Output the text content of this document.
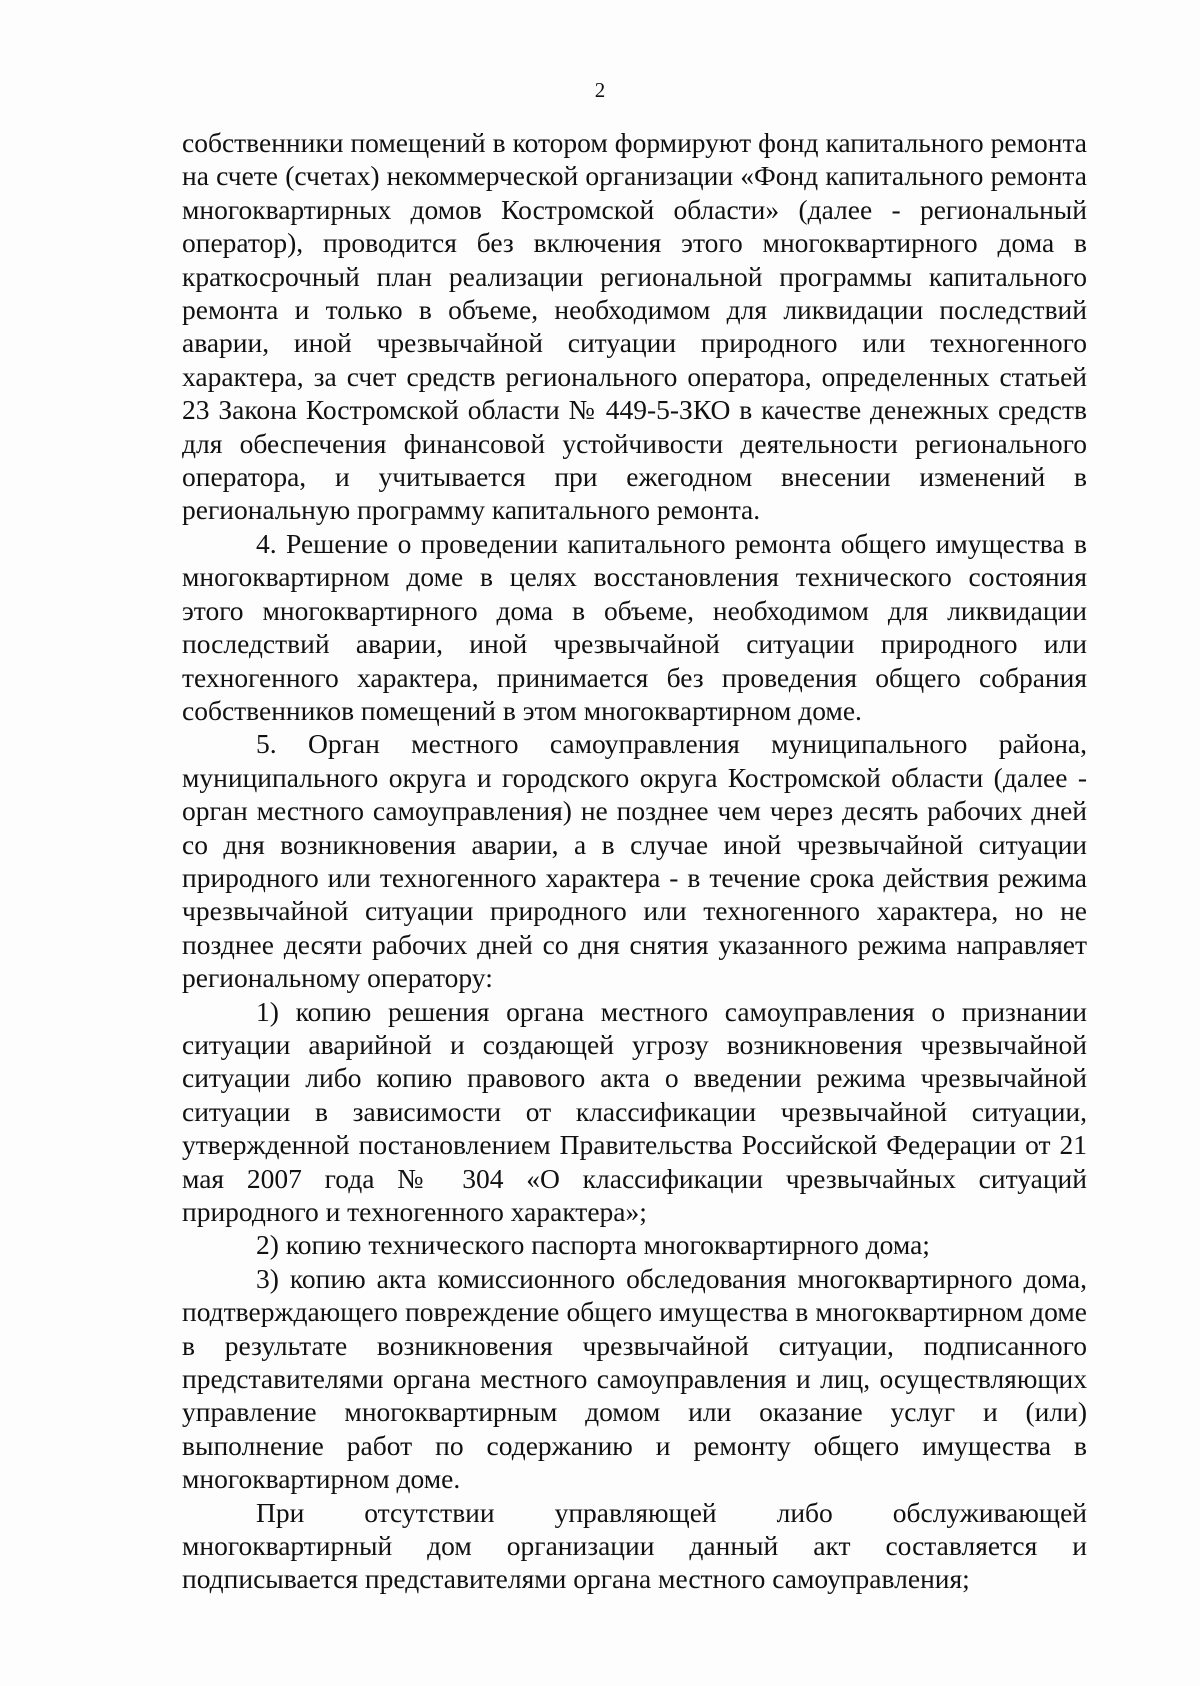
2

собственники помещений в котором формируют фонд капитального ремонта на счете (счетах) некоммерческой организации «Фонд капитального ремонта многоквартирных домов Костромской области» (далее - региональный оператор), проводится без включения этого многоквартирного дома в краткосрочный план реализации региональной программы капитального ремонта и только в объеме, необходимом для ликвидации последствий аварии, иной чрезвычайной ситуации природного или техногенного характера, за счет средств регионального оператора, определенных статьей 23 Закона Костромской области № 449-5-ЗКО в качестве денежных средств для обеспечения финансовой устойчивости деятельности регионального оператора, и учитывается при ежегодном внесении изменений в региональную программу капитального ремонта.

4. Решение о проведении капитального ремонта общего имущества в многоквартирном доме в целях восстановления технического состояния этого многоквартирного дома в объеме, необходимом для ликвидации последствий аварии, иной чрезвычайной ситуации природного или техногенного характера, принимается без проведения общего собрания собственников помещений в этом многоквартирном доме.

5. Орган местного самоуправления муниципального района, муниципального округа и городского округа Костромской области (далее - орган местного самоуправления) не позднее чем через десять рабочих дней со дня возникновения аварии, а в случае иной чрезвычайной ситуации природного или техногенного характера - в течение срока действия режима чрезвычайной ситуации природного или техногенного характера, но не позднее десяти рабочих дней со дня снятия указанного режима направляет региональному оператору:

1) копию решения органа местного самоуправления о признании ситуации аварийной и создающей угрозу возникновения чрезвычайной ситуации либо копию правового акта о введении режима чрезвычайной ситуации в зависимости от классификации чрезвычайной ситуации, утвержденной постановлением Правительства Российской Федерации от 21 мая 2007 года № 304 «О классификации чрезвычайных ситуаций природного и техногенного характера»;

2) копию технического паспорта многоквартирного дома;

3) копию акта комиссионного обследования многоквартирного дома, подтверждающего повреждение общего имущества в многоквартирном доме в результате возникновения чрезвычайной ситуации, подписанного представителями органа местного самоуправления и лиц, осуществляющих управление многоквартирным домом или оказание услуг и (или) выполнение работ по содержанию и ремонту общего имущества в многоквартирном доме.

При отсутствии управляющей либо обслуживающей многоквартирный дом организации данный акт составляется и подписывается представителями органа местного самоуправления;
